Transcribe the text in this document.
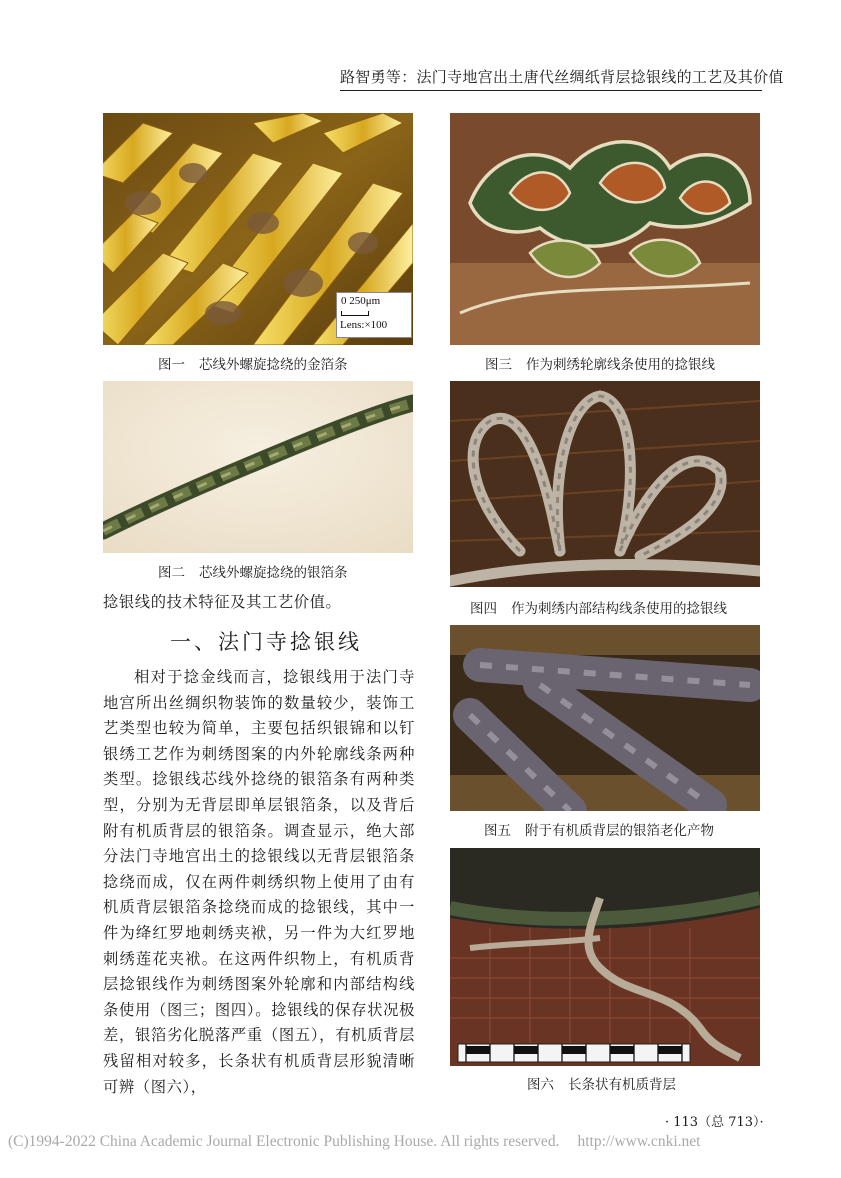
路智勇等：法门寺地宫出土唐代丝绸纸背层捻银线的工艺及其价值
0 250μm
Lens:×100
图一 芯线外螺旋捻绕的金箔条
图二 芯线外螺旋捻绕的银箔条
图三 作为刺绣轮廓线条使用的捻银线
图四 作为刺绣内部结构线条使用的捻银线
图五 附于有机质背层的银箔老化产物
图六 长条状有机质背层
捻银线的技术特征及其工艺价值。
一、法门寺捻银线
相对于捻金线而言，捻银线用于法门寺地宫所出丝绸织物装饰的数量较少，装饰工艺类型也较为简单，主要包括织银锦和以钉银绣工艺作为刺绣图案的内外轮廓线条两种类型。捻银线芯线外捻绕的银箔条有两种类型，分别为无背层即单层银箔条，以及背后附有机质背层的银箔条。调查显示，绝大部分法门寺地宫出土的捻银线以无背层银箔条捻绕而成，仅在两件刺绣织物上使用了由有机质背层银箔条捻绕而成的捻银线，其中一件为绛红罗地刺绣夹袱，另一件为大红罗地刺绣莲花夹袱。在这两件织物上，有机质背层捻银线作为刺绣图案外轮廓和内部结构线条使用（图三；图四）。捻银线的保存状况极差，银箔劣化脱落严重（图五），有机质背层残留相对较多，长条状有机质背层形貌清晰可辨（图六），
· 113（总 713）·
(C)1994-2022 China Academic Journal Electronic Publishing House. All rights reserved. http://www.cnki.net
